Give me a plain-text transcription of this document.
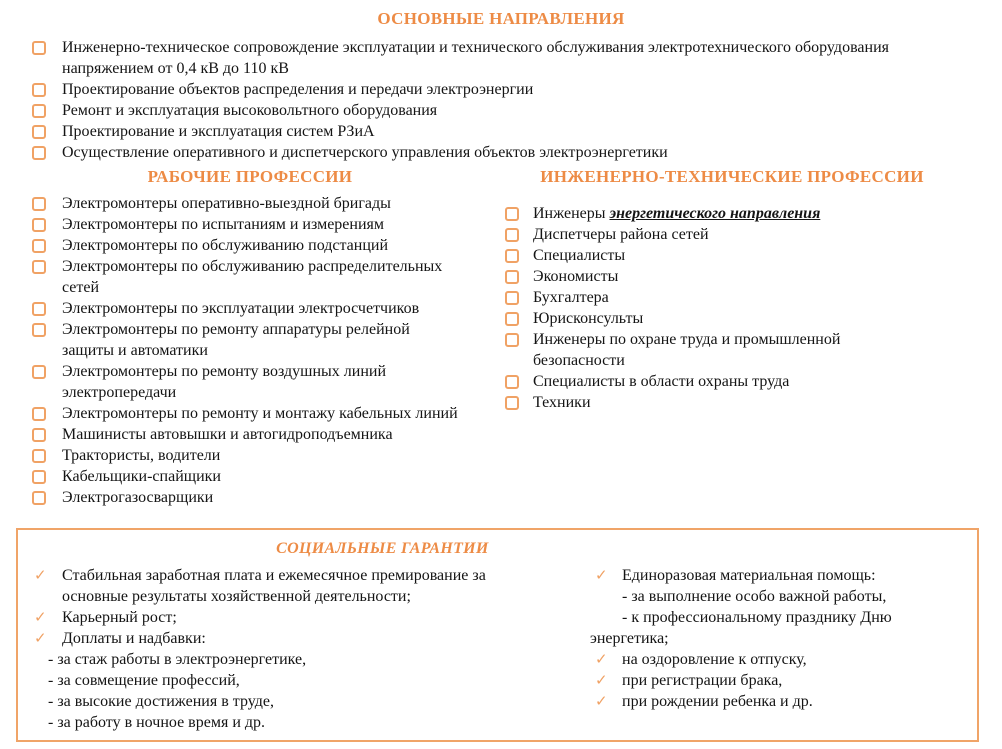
ОСНОВНЫЕ НАПРАВЛЕНИЯ
Инженерно-техническое сопровождение эксплуатации и технического обслуживания электротехнического оборудования
напряжением от 0,4 кВ до 110 кВ
Проектирование объектов распределения и передачи электроэнергии
Ремонт и эксплуатация высоковольтного оборудования
Проектирование и эксплуатация систем РЗиА
Осуществление оперативного и диспетчерского управления объектов электроэнергетики
РАБОЧИЕ ПРОФЕССИИ
Электромонтеры оперативно-выездной бригады
Электромонтеры по испытаниям и измерениям
Электромонтеры по обслуживанию подстанций
Электромонтеры по обслуживанию распределительных
сетей
Электромонтеры по эксплуатации электросчетчиков
Электромонтеры по ремонту аппаратуры релейной
защиты и автоматики
Электромонтеры по ремонту воздушных линий
электропередачи
Электромонтеры по ремонту и монтажу кабельных линий
Машинисты автовышки и автогидроподъемника
Трактористы, водители
Кабельщики-спайщики
Электрогазосварщики
ИНЖЕНЕРНО-ТЕХНИЧЕСКИЕ ПРОФЕССИИ
Инженеры энергетического направления
Диспетчеры района сетей
Специалисты
Экономисты
Бухгалтера
Юрисконсульты
Инженеры по охране труда и промышленной
безопасности
Специалисты в области охраны труда
Техники
СОЦИАЛЬНЫЕ ГАРАНТИИ
✓ Стабильная заработная плата и ежемесячное премирование за
основные результаты хозяйственной деятельности;
✓ Карьерный рост;
✓ Доплаты и надбавки:
- за стаж работы в электроэнергетике,
- за совмещение профессий,
- за высокие достижения в труде,
- за работу в ночное время и др.
✓ Единоразовая материальная помощь:
- за выполнение особо важной работы,
- к профессиональному празднику Дню
энергетика;
✓ на оздоровление к отпуску,
✓ при регистрации брака,
✓ при рождении ребенка и др.
